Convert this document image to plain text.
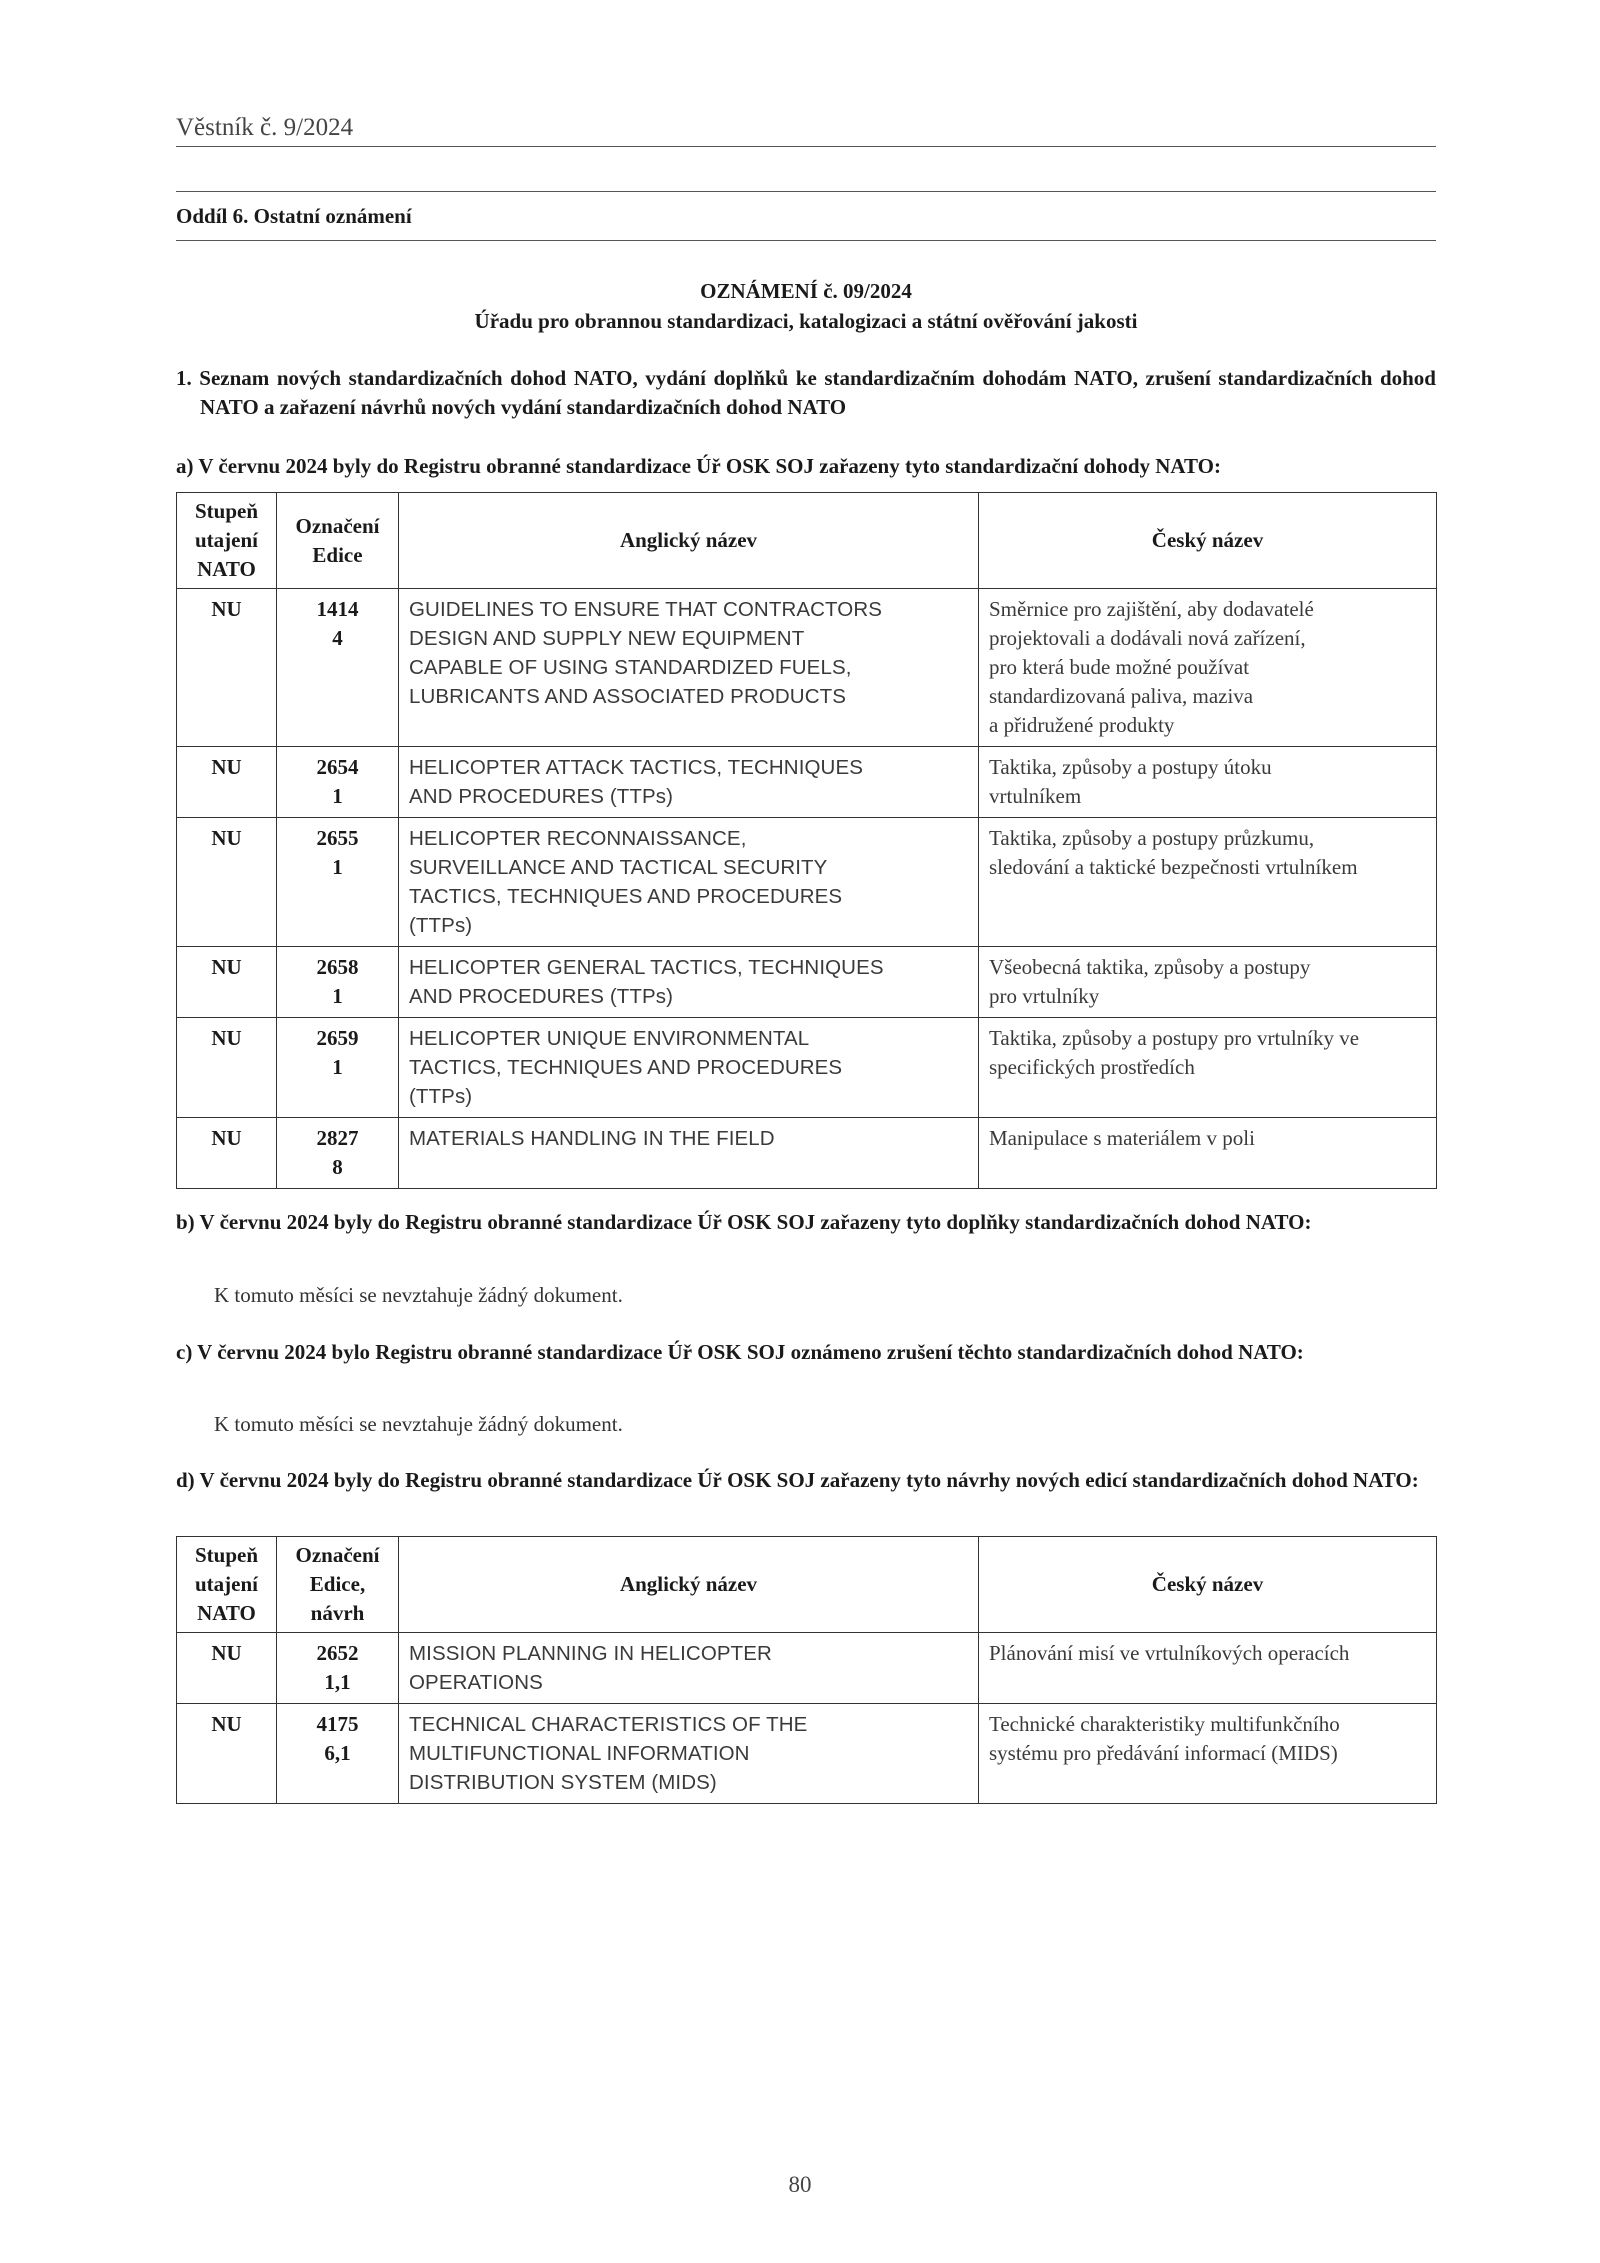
Věstník č. 9/2024
Oddíl 6. Ostatní oznámení
OZNÁMENÍ č. 09/2024
Úřadu pro obrannou standardizaci, katalogizaci a státní ověřování jakosti
1. Seznam nových standardizačních dohod NATO, vydání doplňků ke standardizačním dohodám NATO, zrušení standardizačních dohod NATO a zařazení návrhů nových vydání standardizačních dohod NATO
a) V červnu 2024 byly do Registru obranné standardizace Úř OSK SOJ zařazeny tyto standardizační dohody NATO:
Stupeň
utajení
NATO	Označení
Edice	Anglický název	Český název
NU	1414
4	GUIDELINES TO ENSURE THAT CONTRACTORS
DESIGN AND SUPPLY NEW EQUIPMENT
CAPABLE OF USING STANDARDIZED FUELS,
LUBRICANTS AND ASSOCIATED PRODUCTS	Směrnice pro zajištění, aby dodavatelé
projektovali a dodávali nová zařízení,
pro která bude možné používat
standardizovaná paliva, maziva
a přidružené produkty

NU	2654
1	HELICOPTER ATTACK TACTICS, TECHNIQUES
AND PROCEDURES (TTPs)	Taktika, způsoby a postupy útoku
vrtulníkem

NU	2655
1	HELICOPTER RECONNAISSANCE,
SURVEILLANCE AND TACTICAL SECURITY
TACTICS, TECHNIQUES AND PROCEDURES
(TTPs)	Taktika, způsoby a postupy průzkumu,
sledování a taktické bezpečnosti vrtulníkem

NU	2658
1	HELICOPTER GENERAL TACTICS, TECHNIQUES
AND PROCEDURES (TTPs)	Všeobecná taktika, způsoby a postupy
pro vrtulníky

NU	2659
1	HELICOPTER UNIQUE ENVIRONMENTAL
TACTICS, TECHNIQUES AND PROCEDURES
(TTPs)	Taktika, způsoby a postupy pro vrtulníky ve
specifických prostředích

NU	2827
8	MATERIALS HANDLING IN THE FIELD	Manipulace s materiálem v poli
b) V červnu 2024 byly do Registru obranné standardizace Úř OSK SOJ zařazeny tyto doplňky standardizačních dohod NATO:
K tomuto měsíci se nevztahuje žádný dokument.
c) V červnu 2024 bylo Registru obranné standardizace Úř OSK SOJ oznámeno zrušení těchto standardizačních dohod NATO:
K tomuto měsíci se nevztahuje žádný dokument.
d) V červnu 2024 byly do Registru obranné standardizace Úř OSK SOJ zařazeny tyto návrhy nových edicí standardizačních dohod NATO:
Stupeň
utajení
NATO	Označení
Edice,
návrh	Anglický název	Český název
NU	2652
1,1	MISSION PLANNING IN HELICOPTER
OPERATIONS	Plánování misí ve vrtulníkových operacích

NU	4175
6,1	TECHNICAL CHARACTERISTICS OF THE
MULTIFUNCTIONAL INFORMATION
DISTRIBUTION SYSTEM (MIDS)	Technické charakteristiky multifunkčního
systému pro předávání informací (MIDS)
80
